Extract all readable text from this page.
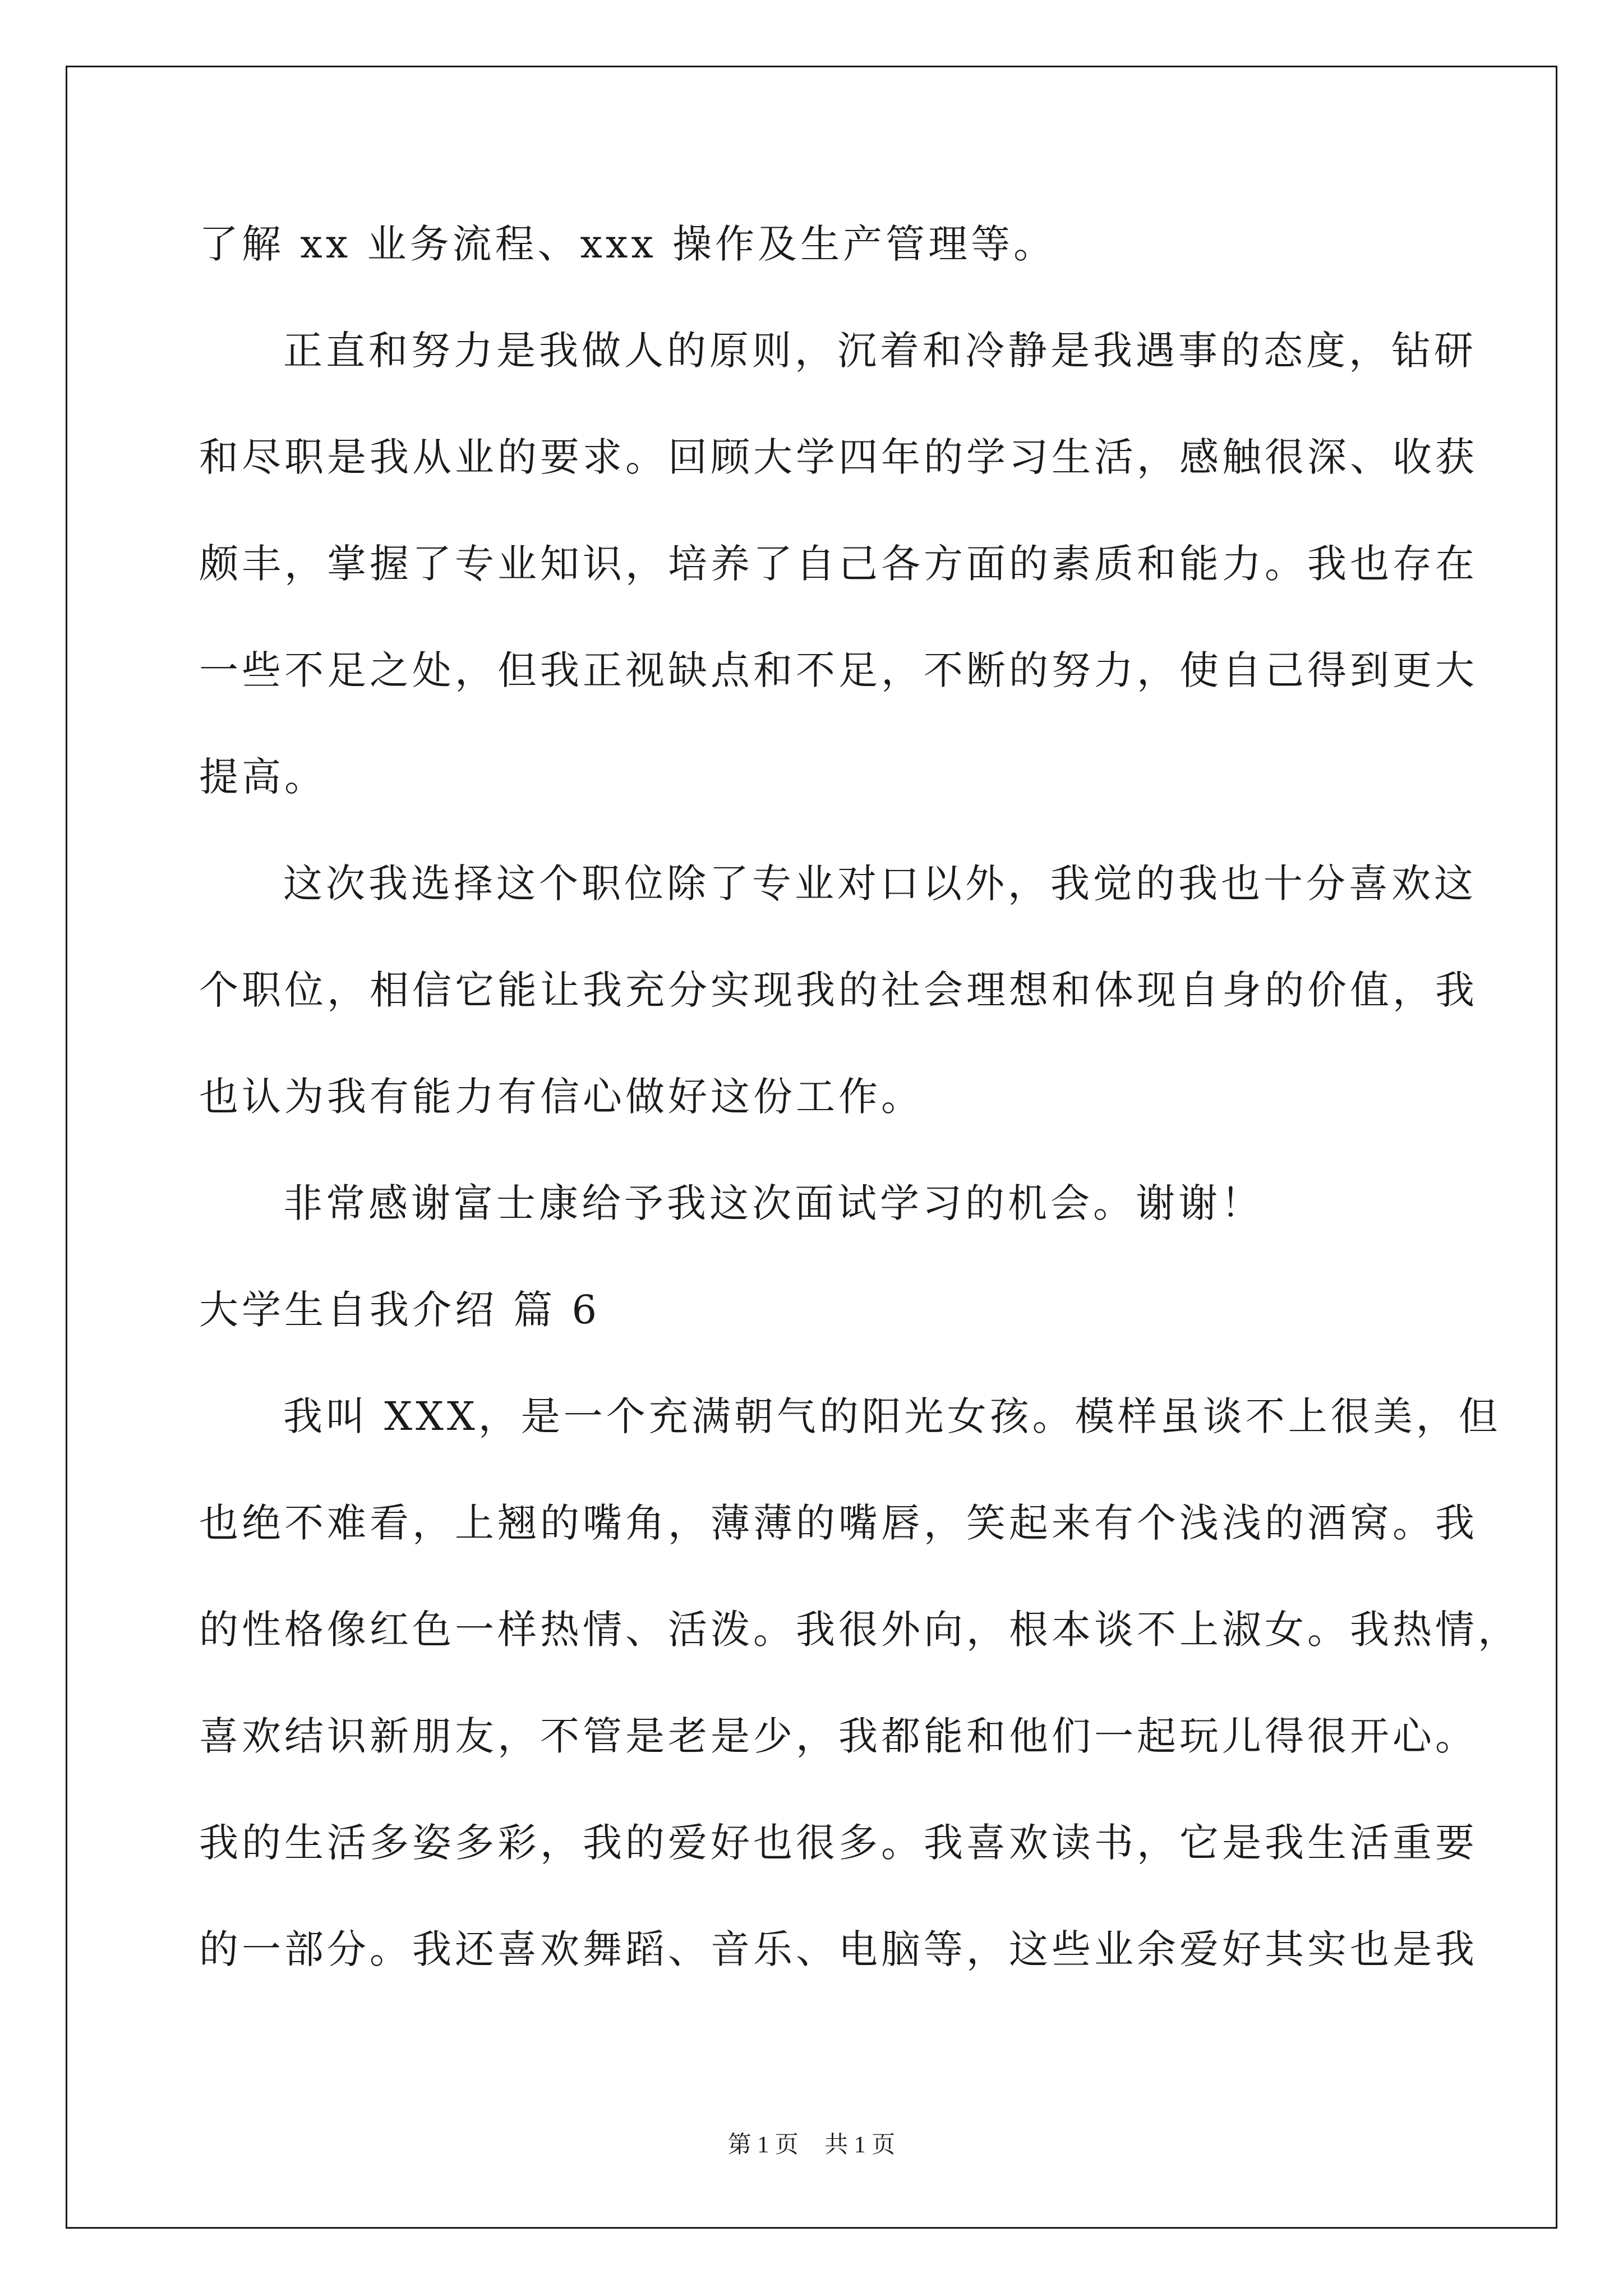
了解 xx 业务流程、xxx 操作及生产管理等。
正直和努力是我做人的原则，沉着和冷静是我遇事的态度，钻研
和尽职是我从业的要求。回顾大学四年的学习生活，感触很深、收获
颇丰，掌握了专业知识，培养了自己各方面的素质和能力。我也存在
一些不足之处，但我正视缺点和不足，不断的努力，使自己得到更大
提高。
这次我选择这个职位除了专业对口以外，我觉的我也十分喜欢这
个职位，相信它能让我充分实现我的社会理想和体现自身的价值，我
也认为我有能力有信心做好这份工作。
非常感谢富士康给予我这次面试学习的机会。谢谢！
大学生自我介绍 篇 6
我叫 XXX，是一个充满朝气的阳光女孩。模样虽谈不上很美，但
也绝不难看，上翘的嘴角，薄薄的嘴唇，笑起来有个浅浅的酒窝。我
的性格像红色一样热情、活泼。我很外向，根本谈不上淑女。我热情，
喜欢结识新朋友，不管是老是少，我都能和他们一起玩儿得很开心。
我的生活多姿多彩，我的爱好也很多。我喜欢读书，它是我生活重要
的一部分。我还喜欢舞蹈、音乐、电脑等，这些业余爱好其实也是我
第 1 页 共 1 页
